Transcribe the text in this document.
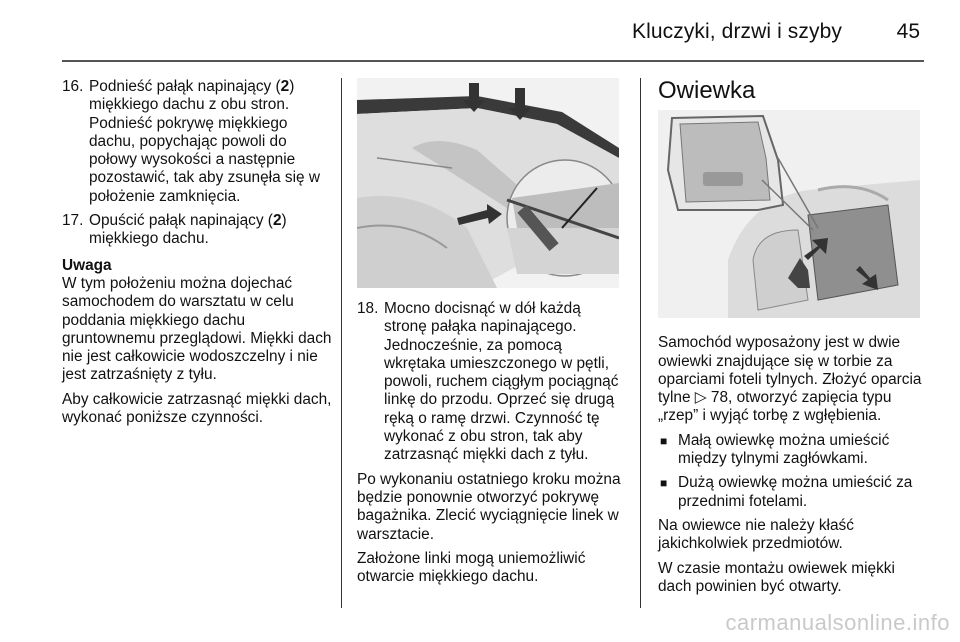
Kluczyki, drzwi i szyby	45
16. Podnieść pałąk napinający (2) miękkiego dachu z obu stron. Podnieść pokrywę miękkiego dachu, popychając powoli do połowy wysokości a następnie pozostawić, tak aby zsunęła się w położenie zamknięcia.
17. Opuścić pałąk napinający (2) miękkiego dachu.
Uwaga

W tym położeniu można dojechać samochodem do warsztatu w celu poddania miękkiego dachu gruntownemu przeglądowi. Miękki dach nie jest całkowicie wodoszczelny i nie jest zatrzaśnięty z tyłu.

Aby całkowicie zatrzasnąć miękki dach, wykonać poniższe czynności.

18. Mocno docisnąć w dół każdą stronę pałąka napinającego. Jednocześnie, za pomocą wkrętaka umieszczonego w pętli, powoli, ruchem ciągłym pociągnąć linkę do przodu. Oprzeć się drugą ręką o ramę drzwi. Czynność tę wykonać z obu stron, tak aby zatrzasnąć miękki dach z tyłu.

Po wykonaniu ostatniego kroku można będzie ponownie otworzyć pokrywę bagażnika. Zlecić wyciągnięcie linek w warsztacie.

Założone linki mogą uniemożliwić otwarcie miękkiego dachu.

Owiewka

Samochód wyposażony jest w dwie owiewki znajdujące się w torbie za oparciami foteli tylnych. Złożyć oparcia tylne ▷ 78, otworzyć zapięcia typu „rzep” i wyjąć torbę z wgłębienia.

■ Małą owiewkę można umieścić między tylnymi zagłówkami.
■ Dużą owiewkę można umieścić za przednimi fotelami.

Na owiewce nie należy kłaść jakichkolwiek przedmiotów.

W czasie montażu owiewek miękki dach powinien być otwarty.

carmanualsonline.info
